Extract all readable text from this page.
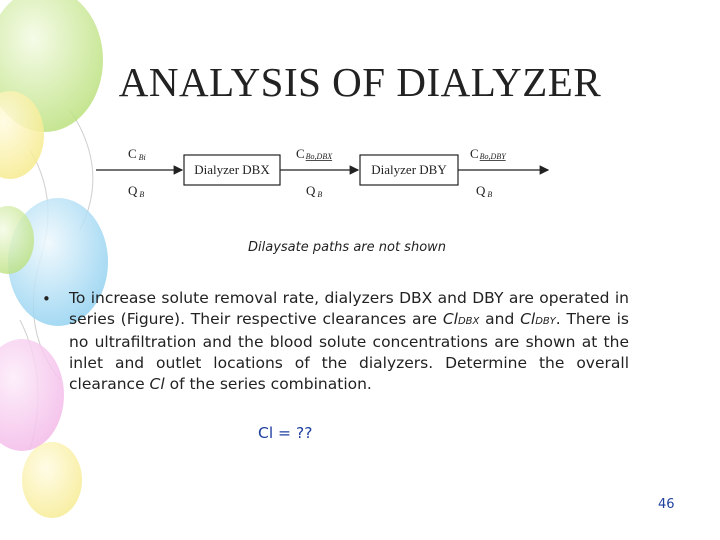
ANALYSIS OF DIALYZER
Dialyzer DBX	Dialyzer DBY
C Bi
Q B
CBo,DBX
Q B
CBo,DBY
Q B
Dilaysate paths are not shown
• To increase solute removal rate, dialyzers DBX and DBY are operated in series (Figure). Their respective clearances are ClDBX and ClDBY. There is no ultrafiltration and the blood solute concentrations are shown at the inlet and outlet locations of the dialyzers. Determine the overall clearance Cl of the series combination.
Cl = ??
46
